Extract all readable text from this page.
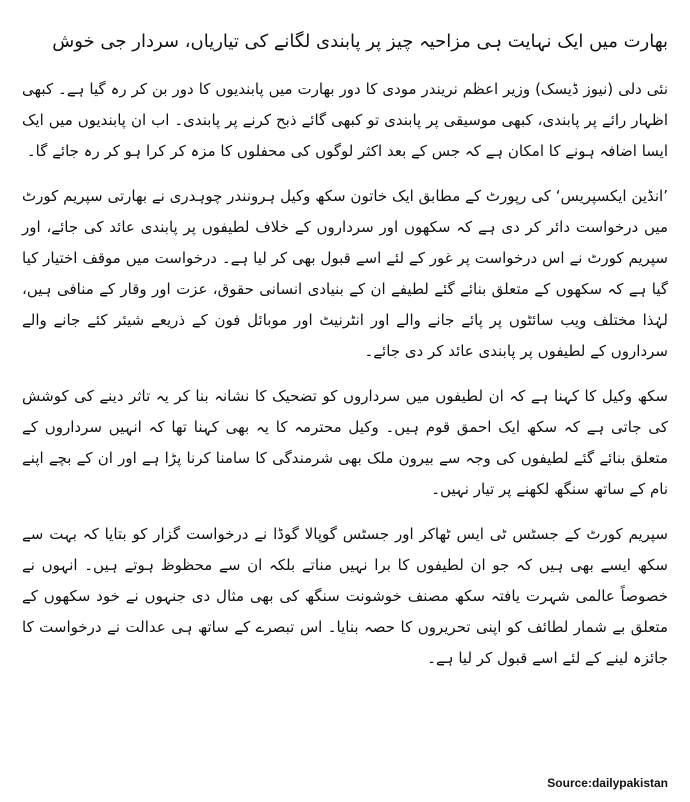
بھارت میں ایک نہایت ہی مزاحیہ چیز پر پابندی لگانے کی تیاریاں، سردار جی خوش

نئی دلی (نیوز ڈیسک) وزیر اعظم نریندر مودی کا دور بھارت میں پابندیوں کا دور بن کر رہ گیا ہے۔ کبھی اظہار رائے پر پابندی، کبھی موسیقی پر پابندی تو کبھی گائے ذبح کرنے پر پابندی۔ اب ان پابندیوں میں ایک ایسا اضافہ ہونے کا امکان ہے کہ جس کے بعد اکثر لوگوں کی محفلوں کا مزہ کر کرا ہو کر رہ جائے گا۔

’انڈین ایکسپریس‘ کی رپورٹ کے مطابق ایک خاتون سکھ وکیل ہرونندر چوہدری نے بھارتی سپریم کورٹ میں درخواست دائر کر دی ہے کہ سکھوں اور سرداروں کے خلاف لطیفوں پر پابندی عائد کی جائے، اور سپریم کورٹ نے اس درخواست پر غور کے لئے اسے قبول بھی کر لیا ہے۔ درخواست میں موقف اختیار کیا گیا ہے کہ سکھوں کے متعلق بنائے گئے لطیفے ان کے بنیادی انسانی حقوق، عزت اور وقار کے منافی ہیں، لہٰذا مختلف ویب سائٹوں پر پائے جانے والے اور انٹرنیٹ اور موبائل فون کے ذریعے شیئر کئے جانے والے سرداروں کے لطیفوں پر پابندی عائد کر دی جائے۔

سکھ وکیل کا کہنا ہے کہ ان لطیفوں میں سرداروں کو تضحیک کا نشانہ بنا کر یہ تاثر دینے کی کوشش کی جاتی ہے کہ سکھ ایک احمق قوم ہیں۔ وکیل محترمہ کا یہ بھی کہنا تھا کہ انہیں سرداروں کے متعلق بنائے گئے لطیفوں کی وجہ سے بیرون ملک بھی شرمندگی کا سامنا کرنا پڑا ہے اور ان کے بچے اپنے نام کے ساتھ سنگھ لکھنے پر تیار نہیں۔

سپریم کورٹ کے جسٹس ٹی ایس ٹھاکر اور جسٹس گوپالا گوڈا نے درخواست گزار کو بتایا کہ بہت سے سکھ ایسے بھی ہیں کہ جو ان لطیفوں کا برا نہیں مناتے بلکہ ان سے محظوظ ہوتے ہیں۔ انہوں نے خصوصاً عالمی شہرت یافتہ سکھ مصنف خوشونت سنگھ کی بھی مثال دی جنہوں نے خود سکھوں کے متعلق بے شمار لطائف کو اپنی تحریروں کا حصہ بنایا۔ اس تبصرے کے ساتھ ہی عدالت نے درخواست کا جائزہ لینے کے لئے اسے قبول کر لیا ہے۔

Source:dailypakistan
